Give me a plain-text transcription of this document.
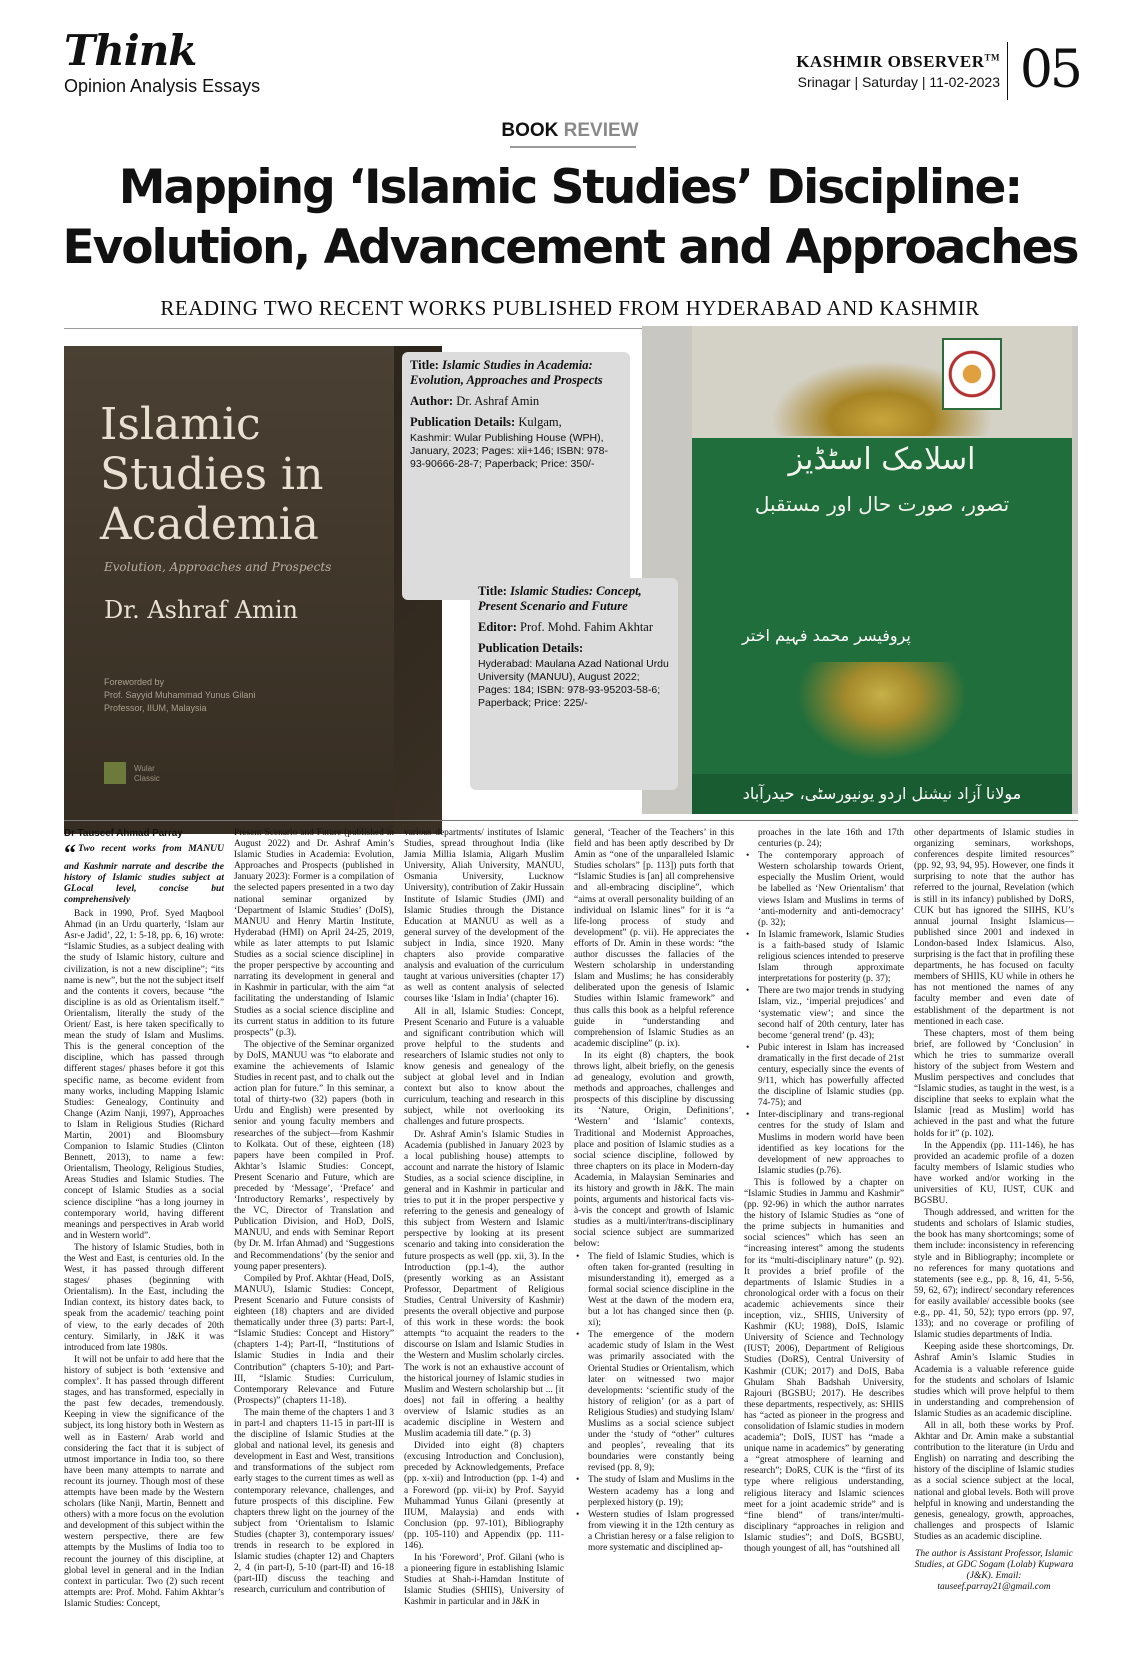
Think
Opinion Analysis Essays
KASHMIR OBSERVER™
Srinagar | Saturday | 11-02-2023 05
BOOK REVIEW
Mapping ‘Islamic Studies’ Discipline:
Evolution, Advancement and Approaches
READING TWO RECENT WORKS PUBLISHED FROM HYDERABAD AND KASHMIR
Islamic
Studies in
Academia
Evolution, Approaches and Prospects
Dr. Ashraf Amin
Foreworded by
Prof. Sayyid Muhammad Yunus Gilani
Professor, IIUM, Malaysia
Wular
Classic
اسلامک اسٹڈیز
تصور، صورت حال اور مستقبل
پروفیسر محمد فہیم اختر
مولانا آزاد نیشنل اردو یونیورسٹی، حیدرآباد
Title: Islamic Studies in Academia: Evolution, Approaches and Prospects
Author: Dr. Ashraf Amin
Publication Details: Kulgam,
Kashmir: Wular Publishing House (WPH), January, 2023; Pages: xii+146; ISBN: 978-93-90666-28-7; Paperback; Price: 350/-
Title: Islamic Studies: Concept, Present Scenario and Future
Editor: Prof. Mohd. Fahim Akhtar
Publication Details:
Hyderabad: Maulana Azad National Urdu University (MANUU), August 2022; Pages: 184; ISBN: 978-93-95203-58-6; Paperback; Price: 225/-
Dr Tauseef Ahmad Parray
“ Two recent works from MANUU and Kashmir narrate and describe the history of Islamic studies subject at GLocal level, concise but comprehensively

Back in 1990, Prof. Syed Maqbool Ahmad (in an Urdu quarterly, ‘Islam aur Asr-e Jadid’, 22, 1: 5-18, pp. 6, 16) wrote: “Islamic Studies, as a subject dealing with the study of Islamic history, culture and civilization, is not a new discipline”; “its name is new”, but the not the subject itself and the contents it covers, because “the discipline is as old as Orientalism itself.” Orientalism, literally the study of the Orient/ East, is here taken specifically to mean the study of Islam and Muslims. This is the general conception of the discipline, which has passed through different stages/ phases before it got this specific name, as become evident from many works, including Mapping Islamic Studies: Genealogy, Continuity and Change (Azim Nanji, 1997), Approaches to Islam in Religious Studies (Richard Martin, 2001) and Bloomsbury Companion to Islamic Studies (Clinton Bennett, 2013), to name a few: Orientalism, Theology, Religious Studies, Areas Studies and Islamic Studies. The concept of Islamic Studies as a social science discipline “has a long journey in contemporary world, having different meanings and perspectives in Arab world and in Western world”.

The history of Islamic Studies, both in the West and East, is centuries old. In the West, it has passed through different stages/ phases (beginning with Orientalism). In the East, including the Indian context, its history dates back, to speak from the academic/ teaching point of view, to the early decades of 20th century. Similarly, in J&K it was introduced from late 1980s.

It will not be unfair to add here that the history of subject is both ‘extensive and complex’. It has passed through different stages, and has transformed, especially in the past few decades, tremendously. Keeping in view the significance of the subject, its long history both in Western as well as in Eastern/ Arab world and considering the fact that it is subject of utmost importance in India too, so there have been many attempts to narrate and recount its journey. Though most of these attempts have been made by the Western scholars (like Nanji, Martin, Bennett and others) with a more focus on the evolution and development of this subject within the western perspective, there are few attempts by the Muslims of India too to recount the journey of this discipline, at global level in general and in the Indian context in particular. Two (2) such recent attempts are: Prof. Mohd. Fahim Akhtar’s Islamic Studies: Concept,

Present Scenario and Future (published in August 2022) and Dr. Ashraf Amin’s Islamic Studies in Academia: Evolution, Approaches and Prospects (published in January 2023): Former is a compilation of the selected papers presented in a two day national seminar organized by ‘Department of Islamic Studies’ (DoIS), MANUU and Henry Martin Institute, Hyderabad (HMI) on April 24-25, 2019, while as later attempts to put Islamic Studies as a social science discipline] in the proper perspective by accounting and narrating its development in general and in Kashmir in particular, with the aim “at facilitating the understanding of Islamic Studies as a social science discipline and its current status in addition to its future prospects” (p.3).

The objective of the Seminar organized by DoIS, MANUU was “to elaborate and examine the achievements of Islamic Studies in recent past, and to chalk out the action plan for future.” In this seminar, a total of thirty-two (32) papers (both in Urdu and English) were presented by senior and young faculty members and researches of the subject—from Kashmir to Kolkata. Out of these, eighteen (18) papers have been compiled in Prof. Akhtar’s Islamic Studies: Concept, Present Scenario and Future, which are preceded by ‘Message’, ‘Preface’ and ‘Introductory Remarks’, respectively by the VC, Director of Translation and Publication Division, and HoD, DoIS, MANUU, and ends with Seminar Report (by Dr. M. Irfan Ahmad) and ‘Suggestions and Recommendations’ (by the senior and young paper presenters).

Compiled by Prof. Akhtar (Head, DoIS, MANUU), Islamic Studies: Concept, Present Scenario and Future consists of eighteen (18) chapters and are divided thematically under three (3) parts: Part-I, “Islamic Studies: Concept and History” (chapters 1-4); Part-II, “Institutions of Islamic Studies in India and their Contribution” (chapters 5-10); and Part-III, “Islamic Studies: Curriculum, Contemporary Relevance and Future (Prospects)” (chapters 11-18).

The main theme of the chapters 1 and 3 in part-I and chapters 11-15 in part-III is the discipline of Islamic Studies at the global and national level, its genesis and development in East and West, transitions and transformations of the subject rom early stages to the current times as well as contemporary relevance, challenges, and future prospects of this discipline. Few chapters threw light on the journey of the subject from ‘Orientalism to Islamic Studies (chapter 3), contemporary issues/ trends in research to be explored in Islamic studies (chapter 12) and Chapters 2, 4 (in part-I), 5-10 (part-II) and 16-18 (part-III) discuss the teaching and research, curriculum and contribution of

various departments/ institutes of Islamic Studies, spread throughout India (like Jamia Millia Islamia, Aligarh Muslim University, Aliah University, MANUU, Osmania University, Lucknow University), contribution of Zakir Hussain Institute of Islamic Studies (JMI) and Islamic Studies through the Distance Education at MANUU as well as a general survey of the development of the subject in India, since 1920. Many chapters also provide comparative analysis and evaluation of the curriculum taught at various universities (chapter 17) as well as content analysis of selected courses like ‘Islam in India’ (chapter 16).

All in all, Islamic Studies: Concept, Present Scenario and Future is a valuable and significant contribution which will prove helpful to the students and researchers of Islamic studies not only to know genesis and genealogy of the subject at global level and in Indian context but also to know about the curriculum, teaching and research in this subject, while not overlooking its challenges and future prospects.

Dr. Ashraf Amin’s Islamic Studies in Academia (published in January 2023 by a local publishing house) attempts to account and narrate the history of Islamic Studies, as a social science discipline, in general and in Kashmir in particular and tries to put it in the proper perspective y referring to the genesis and genealogy of this subject from Western and Islamic perspective by looking at its present scenario and taking into consideration the future prospects as well (pp. xii, 3). In the Introduction (pp.1-4), the author (presently working as an Assistant Professor, Department of Religious Studies, Central University of Kashmir) presents the overall objective and purpose of this work in these words: the book attempts “to acquaint the readers to the discourse on Islam and Islamic Studies in the Western and Muslim scholarly circles. The work is not an exhaustive account of the historical journey of Islamic studies in Muslim and Western scholarship but ... [it does] not fail in offering a healthy overview of Islamic studies as an academic discipline in Western and Muslim academia till date.” (p. 3)

Divided into eight (8) chapters (excusing Introduction and Conclusion), preceded by Acknowledgements, Preface (pp. x-xii) and Introduction (pp. 1-4) and a Foreword (pp. vii-ix) by Prof. Sayyid Muhammad Yunus Gilani (presently at IIUM, Malaysia) and ends with Conclusion (pp. 97-101), Bibliography (pp. 105-110) and Appendix (pp. 111-146).

In his ‘Foreword’, Prof. Gilani (who is a pioneering figure in establishing Islamic Studies at Shah-i-Hamdan Institute of Islamic Studies (SHIIS), University of Kashmir in particular and in J&K in

general, ‘Teacher of the Teachers’ in this field and has been aptly described by Dr Amin as “one of the unparalleled Islamic Studies scholars” [p. 113]) puts forth that “Islamic Studies is [an] all comprehensive and all-embracing discipline”, which “aims at overall personality building of an individual on Islamic lines” for it is “a life-long process of study and development” (p. vii). He appreciates the efforts of Dr. Amin in these words: “the author discusses the fallacies of the Western scholarship in understanding Islam and Muslims; he has considerably deliberated upon the genesis of Islamic Studies within Islamic framework” and thus calls this book as a helpful reference guide in “understanding and comprehension of Islamic Studies as an academic discipline” (p. ix).

In its eight (8) chapters, the book throws light, albeit briefly, on the genesis ad genealogy, evolution and growth, methods and approaches, challenges and prospects of this discipline by discussing its ‘Nature, Origin, Definitions’, ‘Western’ and ‘Islamic’ contexts, Traditional and Modernist Approaches, place and position of Islamic studies as a social science discipline, followed by three chapters on its place in Modern-day Academia, in Malaysian Seminaries and its history and growth in J&K. The main points, arguments and historical facts vis-à-vis the concept and growth of Islamic studies as a multi/inter/trans-disciplinary social science subject are summarized below:

• The field of Islamic Studies, which is often taken for-granted (resulting in misunderstanding it), emerged as a formal social science discipline in the West at the dawn of the modern era, but a lot has changed since then (p. xi);
• The emergence of the modern academic study of Islam in the West was primarily associated with the Oriental Studies or Orientalism, which later on witnessed two major developments: ‘scientific study of the history of religion’ (or as a part of Religious Studies) and studying Islam/ Muslims as a social science subject under the ‘study of “other” cultures and peoples’, revealing that its boundaries were constantly being revised (pp. 8, 9);
• The study of Islam and Muslims in the Western academy has a long and perplexed history (p. 19);
• Western studies of Islam progressed from viewing it in the 12th century as a Christian heresy or a false religion to more systematic and disciplined ap-
proaches in the late 16th and 17th centuries (p. 24);
• The contemporary approach of Western scholarship towards Orient, especially the Muslim Orient, would be labelled as ‘New Orientalism’ that views Islam and Muslims in terms of ‘anti-modernity and anti-democracy’ (p. 32);
• In Islamic framework, Islamic Studies is a faith-based study of Islamic religious sciences intended to preserve Islam through approximate interpretations for posterity (p. 37);
• There are two major trends in studying Islam, viz., ‘imperial prejudices’ and ‘systematic view’; and since the second half of 20th century, later has become ‘general trend’ (p. 43);
• Pubic interest in Islam has increased dramatically in the first decade of 21st century, especially since the events of 9/11, which has powerfully affected the discipline of Islamic studies (pp. 74-75); and
• Inter-disciplinary and trans-regional centres for the study of Islam and Muslims in modern world have been identified as key locations for the development of new approaches to Islamic studies (p.76).

This is followed by a chapter on “Islamic Studies in Jammu and Kashmir” (pp. 92-96) in which the author narrates the history of Islamic Studies as “one of the prime subjects in humanities and social sciences” which has seen an “increasing interest” among the students for its “multi-disciplinary nature” (p. 92). It provides a brief profile of the departments of Islamic Studies in a chronological order with a focus on their academic achievements since their inception, viz., SHIIS, University of Kashmir (KU; 1988), DoIS, Islamic University of Science and Technology (IUST; 2006), Department of Religious Studies (DoRS), Central University of Kashmir (CUK; 2017) and DoIS, Baba Ghulam Shah Badshah University, Rajouri (BGSBU; 2017). He describes these departments, respectively, as: SHIIS has “acted as pioneer in the progress and consolidation of Islamic studies in modern academia”; DoIS, IUST has “made a unique name in academics” by generating a “great atmosphere of learning and research”; DoRS, CUK is the “first of its type where religious understanding, religious literacy and Islamic sciences meet for a joint academic stride” and is “fine blend” of trans/inter/multi-disciplinary “approaches in religion and Islamic studies”; and DoIS, BGSBU, though youngest of all, has “outshined all

other departments of Islamic studies in organizing seminars, workshops, conferences despite limited resources” (pp. 92, 93, 94, 95). However, one finds it surprising to note that the author has referred to the journal, Revelation (which is still in its infancy) published by DoRS, CUK but has ignored the SIIHS, KU’s annual journal Insight Islamicus—published since 2001 and indexed in London-based Index Islamicus. Also, surprising is the fact that in profiling these departments, he has focused on faculty members of SHIIS, KU while in others he has not mentioned the names of any faculty member and even date of establishment of the department is not mentioned in each case.

These chapters, most of them being brief, are followed by ‘Conclusion’ in which he tries to summarize overall history of the subject from Western and Muslim perspectives and concludes that “Islamic studies, as taught in the west, is a discipline that seeks to explain what the Islamic [read as Muslim] world has achieved in the past and what the future holds for it” (p. 102).

In the Appendix (pp. 111-146), he has provided an academic profile of a dozen faculty members of Islamic studies who have worked and/or working in the universities of KU, IUST, CUK and BGSBU.

Though addressed, and written for the students and scholars of Islamic studies, the book has many shortcomings; some of them include: inconsistency in referencing style and in Bibliography; incomplete or no references for many quotations and statements (see e.g., pp. 8, 16, 41, 5-56, 59, 62, 67); indirect/ secondary references for easily available/ accessible books (see e.g., pp. 41, 50, 52); typo errors (pp. 97, 133); and no coverage or profiling of Islamic studies departments of India.

Keeping aside these shortcomings, Dr. Ashraf Amin’s Islamic Studies in Academia is a valuable reference guide for the students and scholars of Islamic studies which will prove helpful to them in understanding and comprehension of Islamic Studies as an academic discipline.

All in all, both these works by Prof. Akhtar and Dr. Amin make a substantial contribution to the literature (in Urdu and English) on narrating and describing the history of the discipline of Islamic studies as a social science subject at the local, national and global levels. Both will prove helpful in knowing and understanding the genesis, genealogy, growth, approaches, challenges and prospects of Islamic Studies as an academic discipline.

The author is Assistant Professor, Islamic Studies, at GDC Sogam (Lolab) Kupwara (J&K). Email: tauseef.parray21@gmail.com
